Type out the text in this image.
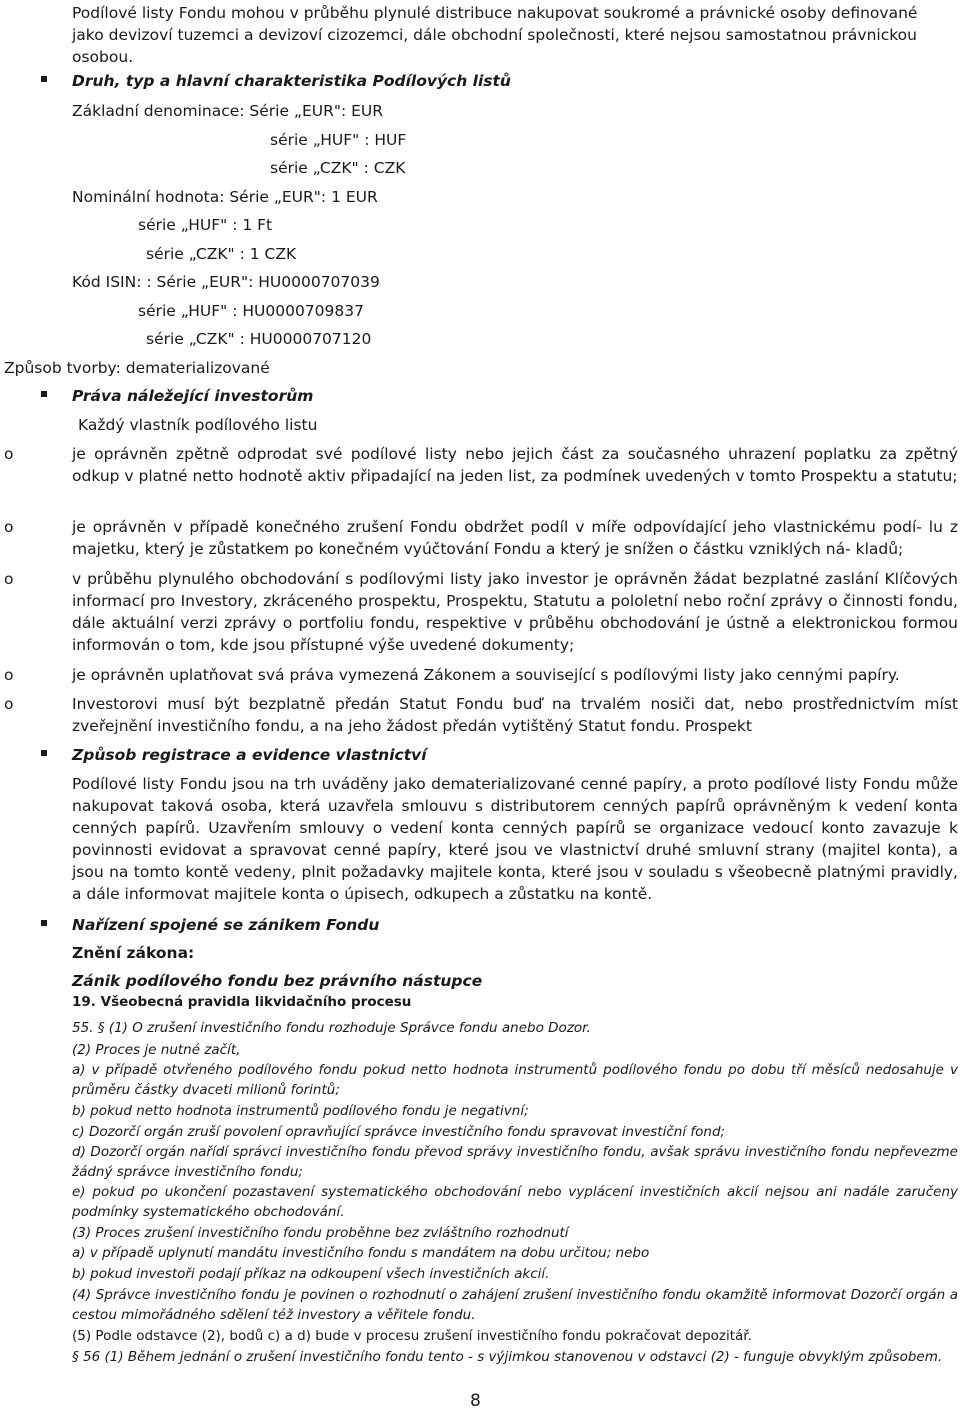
Podílové listy Fondu mohou v průběhu plynulé distribuce nakupovat soukromé a právnické osoby definované
jako devizoví tuzemci a devizoví cizozemci, dále obchodní společnosti, které nejsou samostatnou právnickou
osobou.
Druh, typ a hlavní charakteristika Podílových listů
Základní denominace: Série „EUR": EUR
série „HUF" : HUF
série „CZK" : CZK
Nominální hodnota: Série „EUR": 1 EUR
série „HUF" : 1 Ft
série „CZK" : 1 CZK
Kód ISIN: : Série „EUR": HU0000707039
série „HUF" : HU0000709837
série „CZK" : HU0000707120
Způsob tvorby: dematerializované
Práva náležející investorům
Každý vlastník podílového listu
o	je oprávněn zpětně odprodat své podílové listy nebo jejich část za současného uhrazení poplatku za zpětný odkup v platné netto hodnotě aktiv připadající na jeden list, za podmínek uvedených v tomto Prospektu a statutu;
o	je oprávněn v případě konečného zrušení Fondu obdržet podíl v míře odpovídající jeho vlastnickému podí- lu z majetku, který je zůstatkem po konečném vyúčtování Fondu a který je snížen o částku vzniklých ná- kladů;
o	v průběhu plynulého obchodování s podílovými listy jako investor je oprávněn žádat bezplatné zaslání Klíčových informací pro Investory, zkráceného prospektu, Prospektu, Statutu a pololetní nebo roční zprávy o činnosti fondu, dále aktuální verzi zprávy o portfoliu fondu, respektive v průběhu obchodování je ústně a elektronickou formou informován o tom, kde jsou přístupné výše uvedené dokumenty;
o	je oprávněn uplatňovat svá práva vymezená Zákonem a související s podílovými listy jako cennými papíry.
o	Investorovi musí být bezplatně předán Statut Fondu buď na trvalém nosiči dat, nebo prostřednictvím míst zveřejnění investičního fondu, a na jeho žádost předán vytištěný Statut fondu. Prospekt
Způsob registrace a evidence vlastnictví
Podílové listy Fondu jsou na trh uváděny jako dematerializované cenné papíry, a proto podílové listy Fondu může nakupovat taková osoba, která uzavřela smlouvu s distributorem cenných papírů oprávněným k vedení konta cenných papírů. Uzavřením smlouvy o vedení konta cenných papírů se organizace vedoucí konto zavazuje k povinnosti evidovat a spravovat cenné papíry, které jsou ve vlastnictví druhé smluvní strany (majitel konta), a jsou na tomto kontě vedeny, plnit požadavky majitele konta, které jsou v souladu s všeobecně platnými pravidly, a dále informovat majitele konta o úpisech, odkupech a zůstatku na kontě.
Nařízení spojené se zánikem Fondu
Znění zákona:
Zánik podílového fondu bez právního nástupce
19. Všeobecná pravidla likvidačního procesu
55. § (1) O zrušení investičního fondu rozhoduje Správce fondu anebo Dozor.
(2) Proces je nutné začít,
a) v případě otvřeného podílového fondu pokud netto hodnota instrumentů podílového fondu po dobu tří měsíců nedosahuje v průměru částky dvaceti milionů forintů;
b) pokud netto hodnota instrumentů podílového fondu je negativní;
c) Dozorčí orgán zruší povolení opravňující správce investičního fondu spravovat investiční fond;
d) Dozorčí orgán nařídí správci investičního fondu převod správy investičního fondu, avšak správu investičního fondu nepřevezme žádný správce investičního fondu;
e) pokud po ukončení pozastavení systematického obchodování nebo vyplácení investičních akcií nejsou ani nadále zaručeny podmínky systematického obchodování.
(3) Proces zrušení investičního fondu proběhne bez zvláštního rozhodnutí
a) v případě uplynutí mandátu investičního fondu s mandátem na dobu určitou; nebo
b) pokud investoři podají příkaz na odkoupení všech investičních akcií.
(4) Správce investičního fondu je povinen o rozhodnutí o zahájení zrušení investičního fondu okamžitě informovat Dozorčí orgán a cestou mimořádného sdělení též investory a věřitele fondu.
(5) Podle odstavce (2), bodů c) a d) bude v procesu zrušení investičního fondu pokračovat depozitář.
§ 56 (1) Během jednání o zrušení investičního fondu tento - s výjimkou stanovenou v odstavci (2) - funguje obvyklým způsobem.
8
